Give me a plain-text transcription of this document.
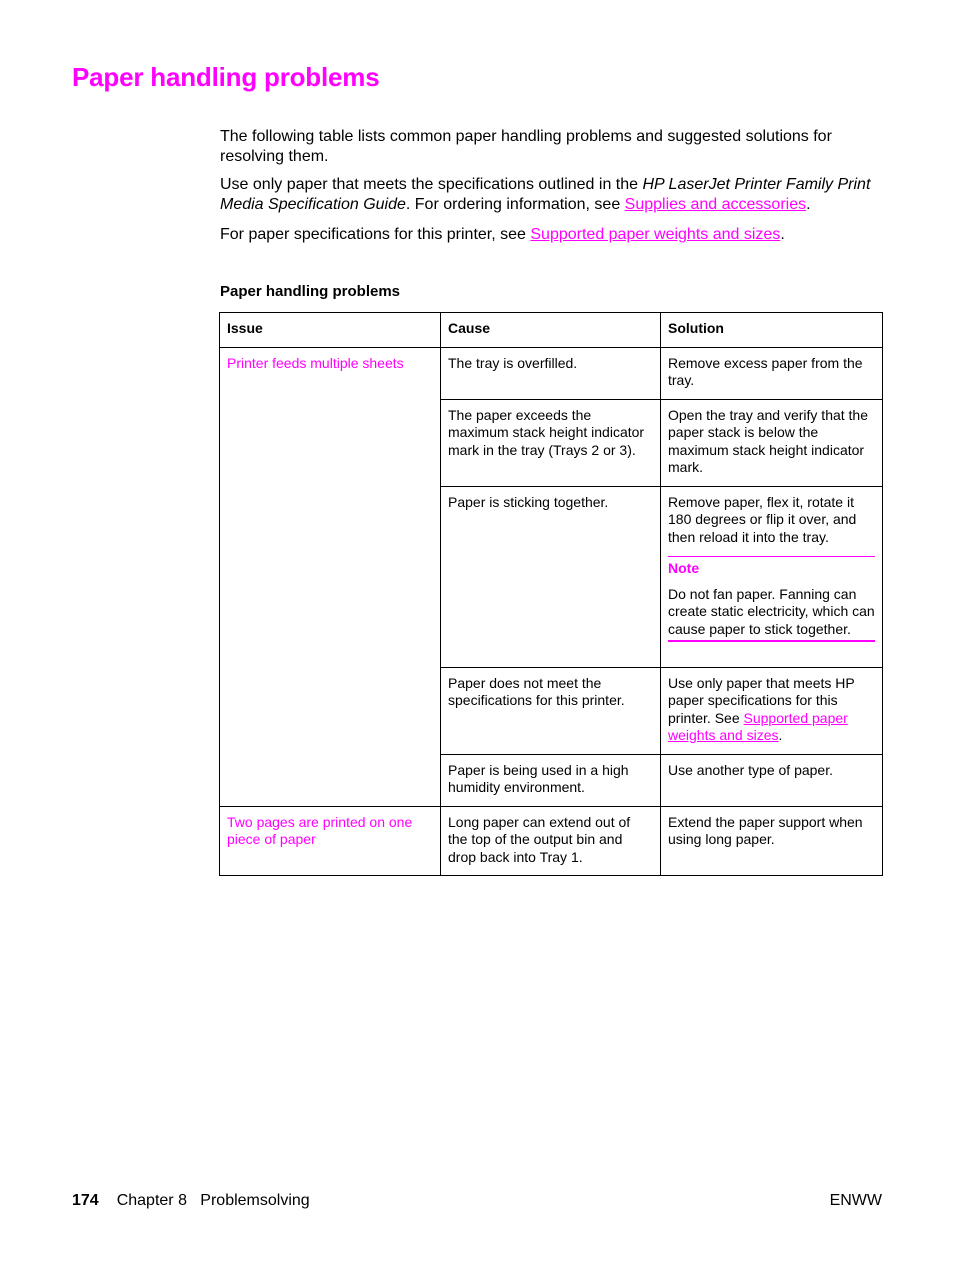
Paper handling problems

The following table lists common paper handling problems and suggested solutions for resolving them.

Use only paper that meets the specifications outlined in the HP LaserJet Printer Family Print Media Specification Guide. For ordering information, see Supplies and accessories.

For paper specifications for this printer, see Supported paper weights and sizes.

Paper handling problems

Issue	Cause	Solution
Printer feeds multiple sheets	The tray is overfilled.	Remove excess paper from the tray.
	The paper exceeds the maximum stack height indicator mark in the tray (Trays 2 or 3).	Open the tray and verify that the paper stack is below the maximum stack height indicator mark.
	Paper is sticking together.	Remove paper, flex it, rotate it 180 degrees or flip it over, and then reload it into the tray.

Note

Do not fan paper. Fanning can create static electricity, which can cause paper to stick together.

	Paper does not meet the specifications for this printer.	Use only paper that meets HP paper specifications for this printer. See Supported paper weights and sizes.
	Paper is being used in a high humidity environment.	Use another type of paper.
Two pages are printed on one piece of paper	Long paper can extend out of the top of the output bin and drop back into Tray 1.	Extend the paper support when using long paper.
174 Chapter 8   Problemsolving	ENWW
